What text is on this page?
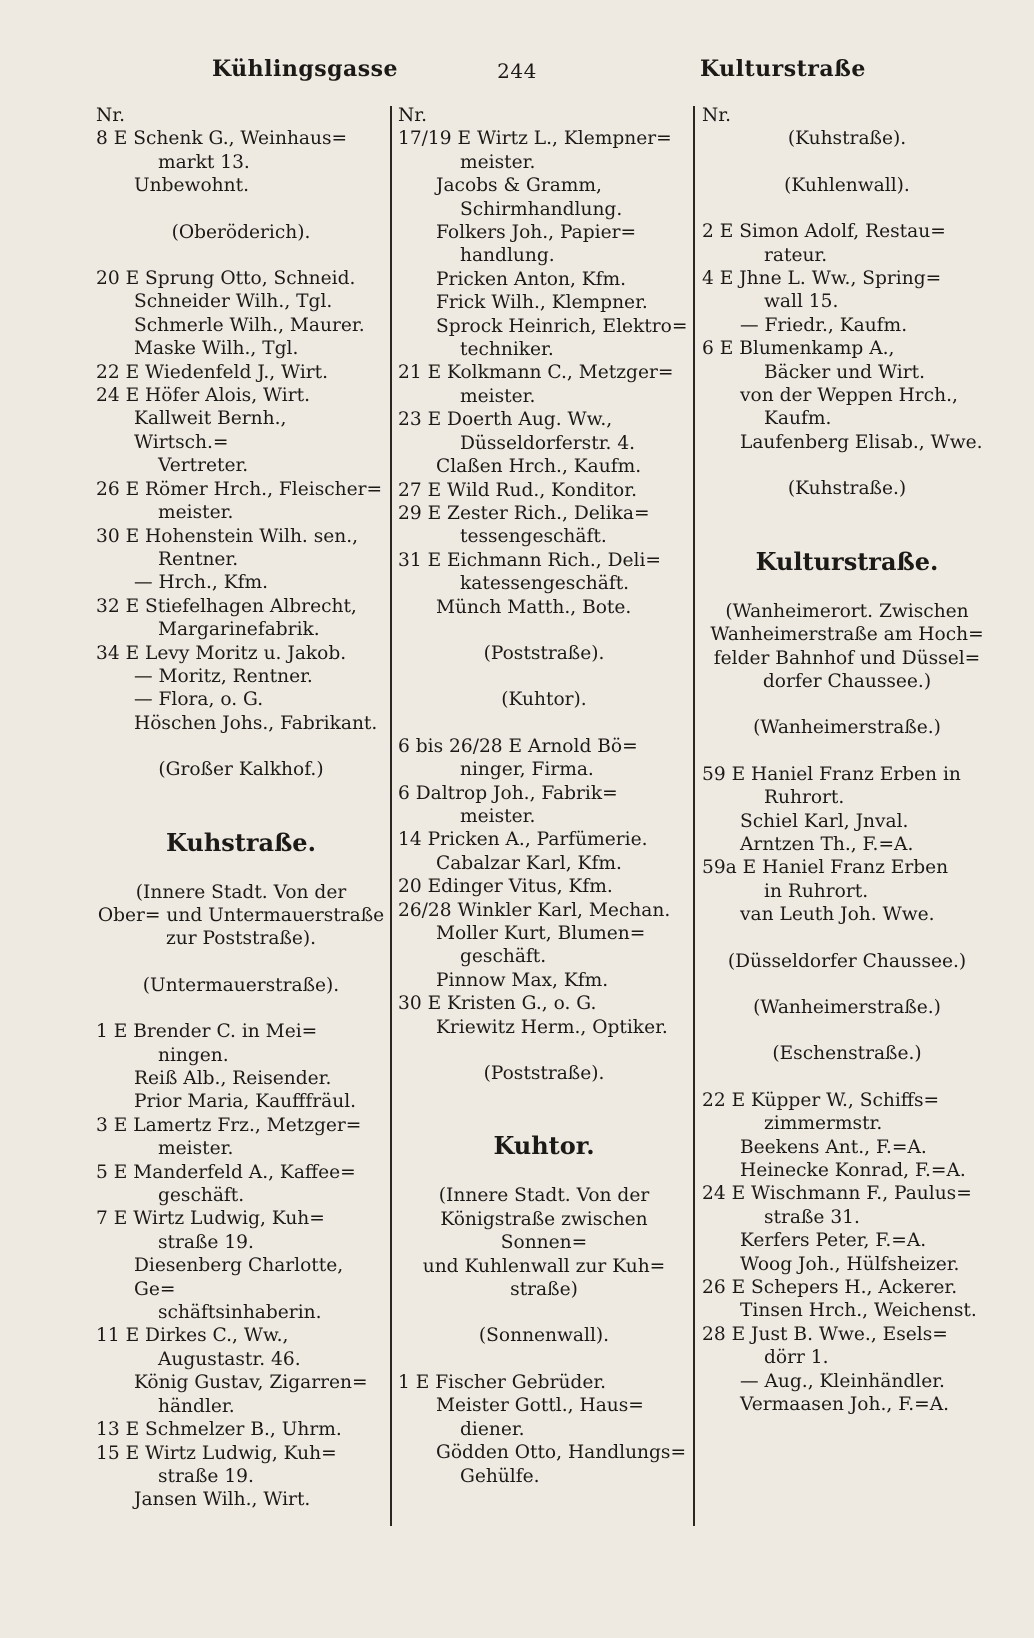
Kühlingsgasse	244	Kulturstraße
Nr.
8 E Schenk G., Weinhaus=
markt 13.
Unbewohnt.
(Oberöderich).
20 E Sprung Otto, Schneid.
Schneider Wilh., Tgl.
Schmerle Wilh., Maurer.
Maske Wilh., Tgl.
22 E Wiedenfeld J., Wirt.
24 E Höfer Alois, Wirt.
Kallweit Bernh., Wirtsch.=
Vertreter.
26 E Römer Hrch., Fleischer=
meister.
30 E Hohenstein Wilh. sen.,
Rentner.
— Hrch., Kfm.
32 E Stiefelhagen Albrecht,
Margarinefabrik.
34 E Levy Moritz u. Jakob.
— Moritz, Rentner.
— Flora, o. G.
Höschen Johs., Fabrikant.
(Großer Kalkhof.)
Kuhstraße.
(Innere Stadt. Von der
Ober= und Untermauerstraße
zur Poststraße).
(Untermauerstraße).
1 E Brender C. in Mei=
ningen.
Reiß Alb., Reisender.
Prior Maria, Kaufffräul.
3 E Lamertz Frz., Metzger=
meister.
5 E Manderfeld A., Kaffee=
geschäft.
7 E Wirtz Ludwig, Kuh=
straße 19.
Diesenberg Charlotte, Ge=
schäftsinhaberin.
11 E Dirkes C., Ww.,
Augustastr. 46.
König Gustav, Zigarren=
händler.
13 E Schmelzer B., Uhrm.
15 E Wirtz Ludwig, Kuh=
straße 19.
Jansen Wilh., Wirt.
Nr.
17/19 E Wirtz L., Klempner=
meister.
Jacobs & Gramm,
Schirmhandlung.
Folkers Joh., Papier=
handlung.
Pricken Anton, Kfm.
Frick Wilh., Klempner.
Sprock Heinrich, Elektro=
techniker.
21 E Kolkmann C., Metzger=
meister.
23 E Doerth Aug. Ww.,
Düsseldorferstr. 4.
Claßen Hrch., Kaufm.
27 E Wild Rud., Konditor.
29 E Zester Rich., Delika=
tessengeschäft.
31 E Eichmann Rich., Deli=
katessengeschäft.
Münch Matth., Bote.
(Poststraße).
(Kuhtor).
6 bis 26/28 E Arnold Bö=
ninger, Firma.
6 Daltrop Joh., Fabrik=
meister.
14 Pricken A., Parfümerie.
Cabalzar Karl, Kfm.
20 Edinger Vitus, Kfm.
26/28 Winkler Karl, Mechan.
Moller Kurt, Blumen=
geschäft.
Pinnow Max, Kfm.
30 E Kristen G., o. G.
Kriewitz Herm., Optiker.
(Poststraße).
Kuhtor.
(Innere Stadt. Von der
Königstraße zwischen Sonnen=
und Kuhlenwall zur Kuh=
straße)
(Sonnenwall).
1 E Fischer Gebrüder.
Meister Gottl., Haus=
diener.
Gödden Otto, Handlungs=
Gehülfe.
Nr.
(Kuhstraße).
(Kuhlenwall).
2 E Simon Adolf, Restau=
rateur.
4 E Jhne L. Ww., Spring=
wall 15.
— Friedr., Kaufm.
6 E Blumenkamp A.,
Bäcker und Wirt.
von der Weppen Hrch.,
Kaufm.
Laufenberg Elisab., Wwe.
(Kuhstraße.)
Kulturstraße.
(Wanheimerort. Zwischen
Wanheimerstraße am Hoch=
felder Bahnhof und Düssel=
dorfer Chaussee.)
(Wanheimerstraße.)
59 E Haniel Franz Erben in
Ruhrort.
Schiel Karl, Jnval.
Arntzen Th., F.=A.
59a E Haniel Franz Erben
in Ruhrort.
van Leuth Joh. Wwe.
(Düsseldorfer Chaussee.)
(Wanheimerstraße.)
(Eschenstraße.)
22 E Küpper W., Schiffs=
zimmermstr.
Beekens Ant., F.=A.
Heinecke Konrad, F.=A.
24 E Wischmann F., Paulus=
straße 31.
Kerfers Peter, F.=A.
Woog Joh., Hülfsheizer.
26 E Schepers H., Ackerer.
Tinsen Hrch., Weichenst.
28 E Just B. Wwe., Esels=
dörr 1.
— Aug., Kleinhändler.
Vermaasen Joh., F.=A.
